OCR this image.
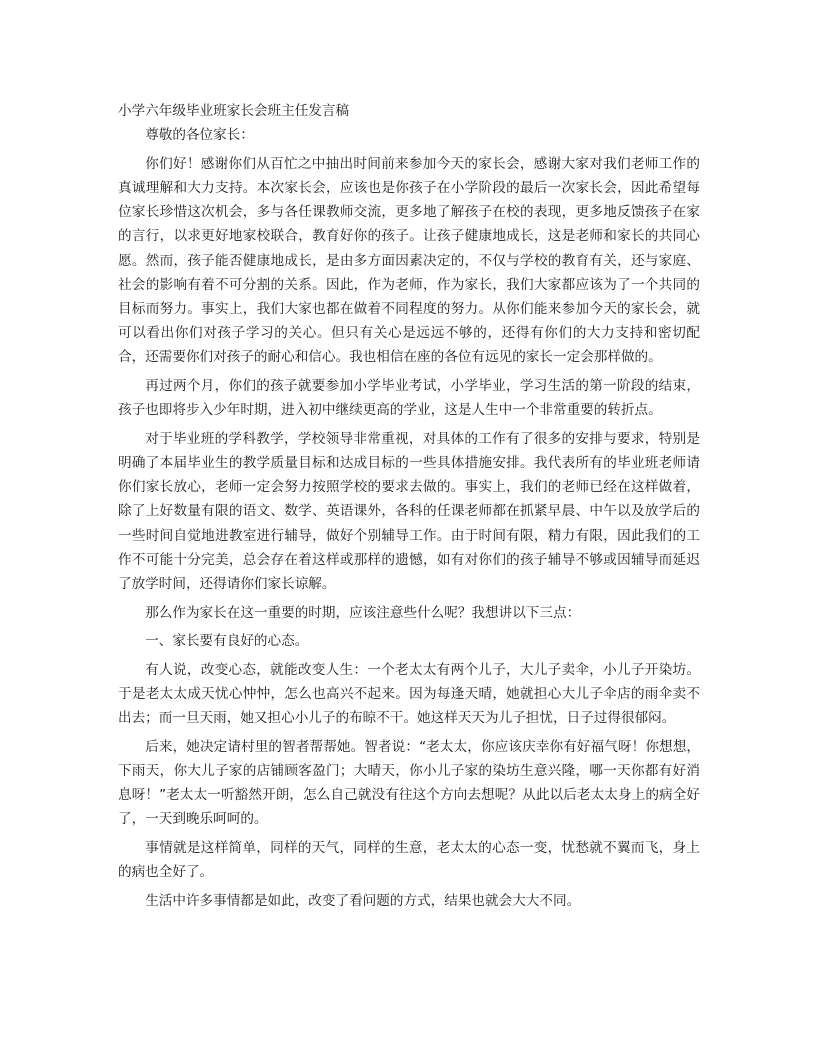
小学六年级毕业班家长会班主任发言稿

尊敬的各位家长：

你们好！感谢你们从百忙之中抽出时间前来参加今天的家长会，感谢大家对我们老师工作的真诚理解和大力支持。本次家长会，应该也是你孩子在小学阶段的最后一次家长会，因此希望每位家长珍惜这次机会，多与各任课教师交流，更多地了解孩子在校的表现，更多地反馈孩子在家的言行，以求更好地家校联合，教育好你的孩子。让孩子健康地成长，这是老师和家长的共同心愿。然而，孩子能否健康地成长，是由多方面因素决定的，不仅与学校的教育有关，还与家庭、社会的影响有着不可分割的关系。因此，作为老师，作为家长，我们大家都应该为了一个共同的目标而努力。事实上，我们大家也都在做着不同程度的努力。从你们能来参加今天的家长会，就可以看出你们对孩子学习的关心。但只有关心是远远不够的，还得有你们的大力支持和密切配合，还需要你们对孩子的耐心和信心。我也相信在座的各位有远见的家长一定会那样做的。

再过两个月，你们的孩子就要参加小学毕业考试，小学毕业，学习生活的第一阶段的结束，孩子也即将步入少年时期，进入初中继续更高的学业，这是人生中一个非常重要的转折点。

对于毕业班的学科教学，学校领导非常重视，对具体的工作有了很多的安排与要求，特别是明确了本届毕业生的教学质量目标和达成目标的一些具体措施安排。我代表所有的毕业班老师请你们家长放心，老师一定会努力按照学校的要求去做的。事实上，我们的老师已经在这样做着，除了上好数量有限的语文、数学、英语课外，各科的任课老师都在抓紧早晨、中午以及放学后的一些时间自觉地进教室进行辅导，做好个别辅导工作。由于时间有限，精力有限，因此我们的工作不可能十分完美，总会存在着这样或那样的遗憾，如有对你们的孩子辅导不够或因辅导而延迟了放学时间，还得请你们家长谅解。

那么作为家长在这一重要的时期，应该注意些什么呢？我想讲以下三点：

一、家长要有良好的心态。

有人说，改变心态，就能改变人生：一个老太太有两个儿子，大儿子卖伞，小儿子开染坊。于是老太太成天忧心忡忡，怎么也高兴不起来。因为每逢天晴，她就担心大儿子伞店的雨伞卖不出去；而一旦天雨，她又担心小儿子的布晾不干。她这样天天为儿子担忧，日子过得很郁闷。

后来，她决定请村里的智者帮帮她。智者说：“老太太，你应该庆幸你有好福气呀！你想想，下雨天，你大儿子家的店铺顾客盈门；大晴天，你小儿子家的染坊生意兴隆，哪一天你都有好消息呀！”老太太一听豁然开朗，怎么自己就没有往这个方向去想呢？从此以后老太太身上的病全好了，一天到晚乐呵呵的。

事情就是这样简单，同样的天气，同样的生意，老太太的心态一变，忧愁就不翼而飞，身上的病也全好了。

生活中许多事情都是如此，改变了看问题的方式，结果也就会大大不同。
